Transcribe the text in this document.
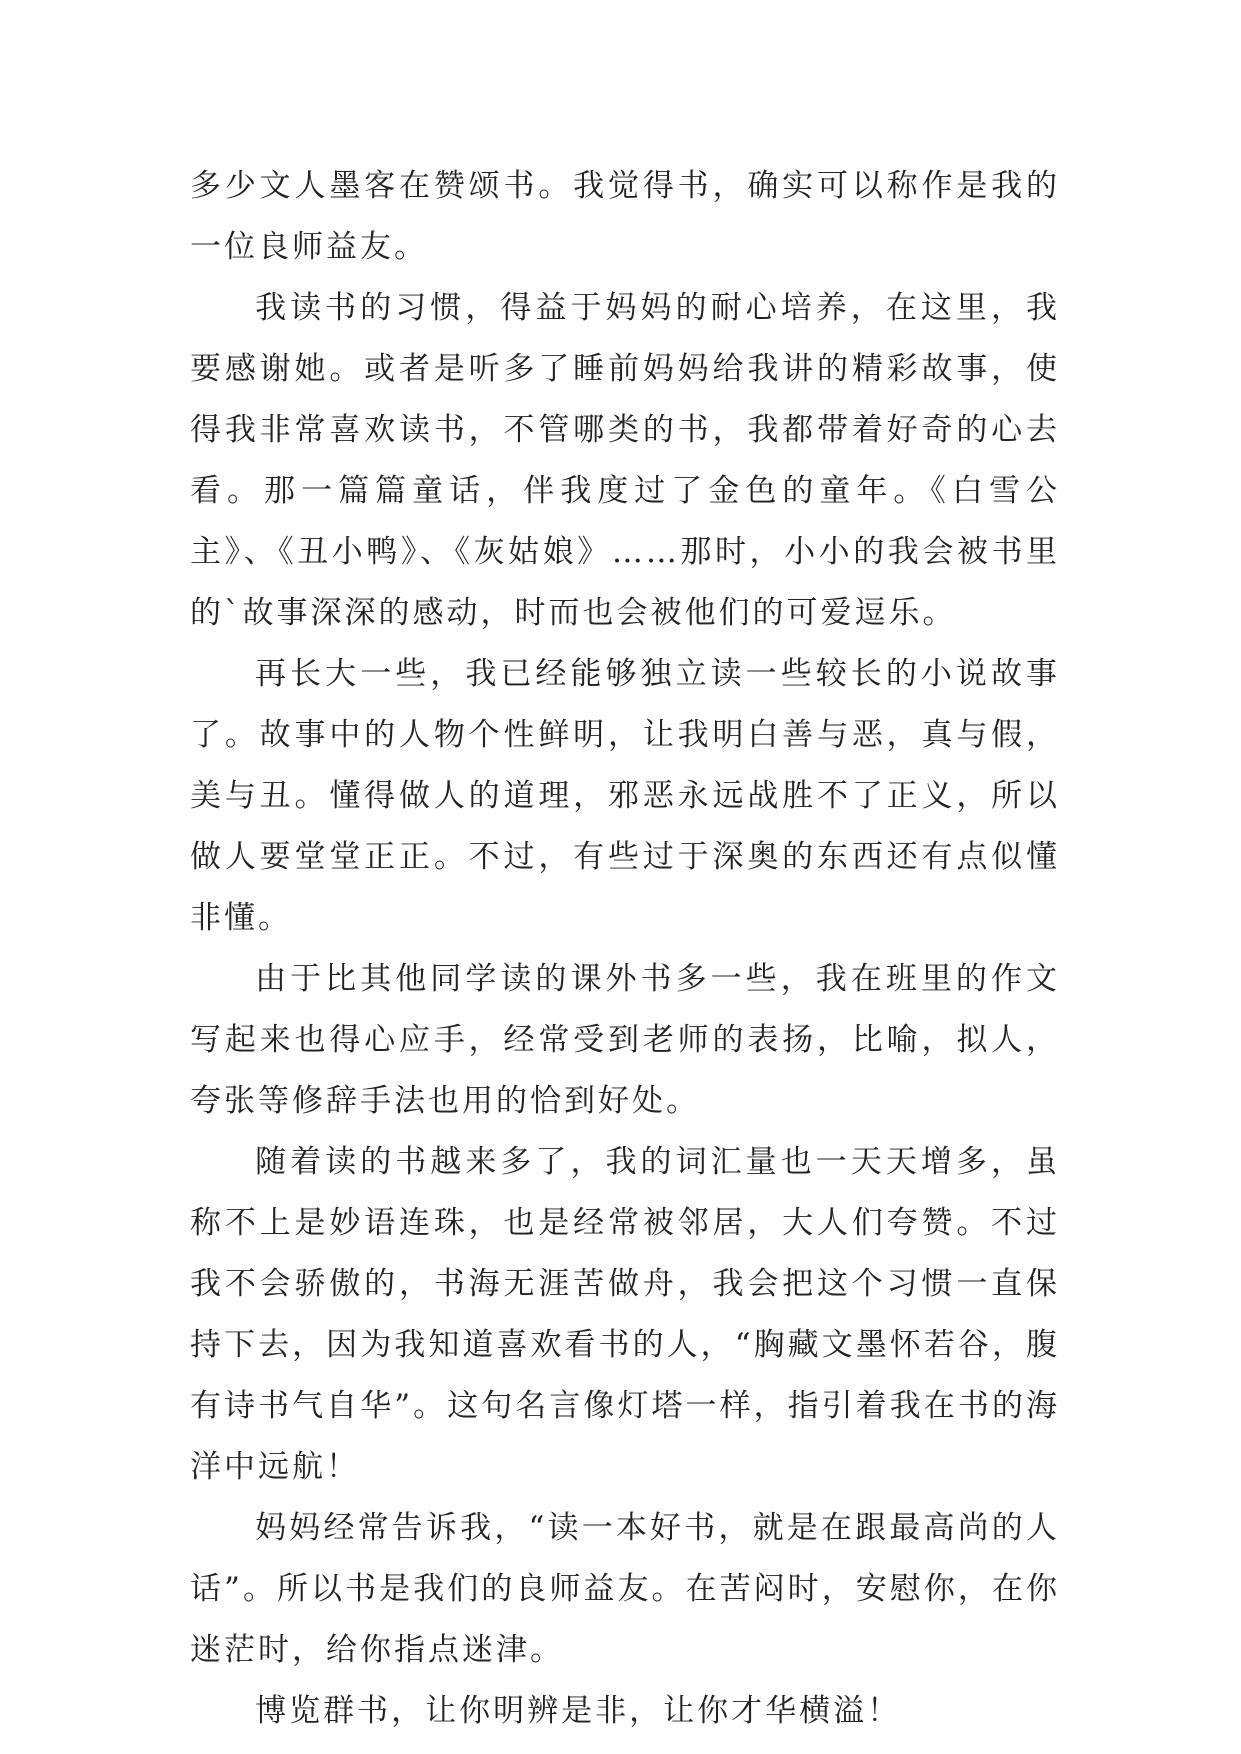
多少文人墨客在赞颂书。我觉得书，确实可以称作是我的一位良师益友。

我读书的习惯，得益于妈妈的耐心培养，在这里，我要感谢她。或者是听多了睡前妈妈给我讲的精彩故事，使得我非常喜欢读书，不管哪类的书，我都带着好奇的心去看。那一篇篇童话，伴我度过了金色的童年。《白雪公主》、《丑小鸭》、《灰姑娘》……那时，小小的我会被书里的`故事深深的感动，时而也会被他们的可爱逗乐。

再长大一些，我已经能够独立读一些较长的小说故事了。故事中的人物个性鲜明，让我明白善与恶，真与假，美与丑。懂得做人的道理，邪恶永远战胜不了正义，所以做人要堂堂正正。不过，有些过于深奥的东西还有点似懂非懂。

由于比其他同学读的课外书多一些，我在班里的作文写起来也得心应手，经常受到老师的表扬，比喻，拟人，夸张等修辞手法也用的恰到好处。

随着读的书越来多了，我的词汇量也一天天增多，虽称不上是妙语连珠，也是经常被邻居，大人们夸赞。不过我不会骄傲的，书海无涯苦做舟，我会把这个习惯一直保持下去，因为我知道喜欢看书的人，“胸藏文墨怀若谷，腹有诗书气自华”。这句名言像灯塔一样，指引着我在书的海洋中远航！

妈妈经常告诉我，“读一本好书，就是在跟最高尚的人话”。所以书是我们的良师益友。在苦闷时，安慰你，在你迷茫时，给你指点迷津。

博览群书，让你明辨是非，让你才华横溢！
